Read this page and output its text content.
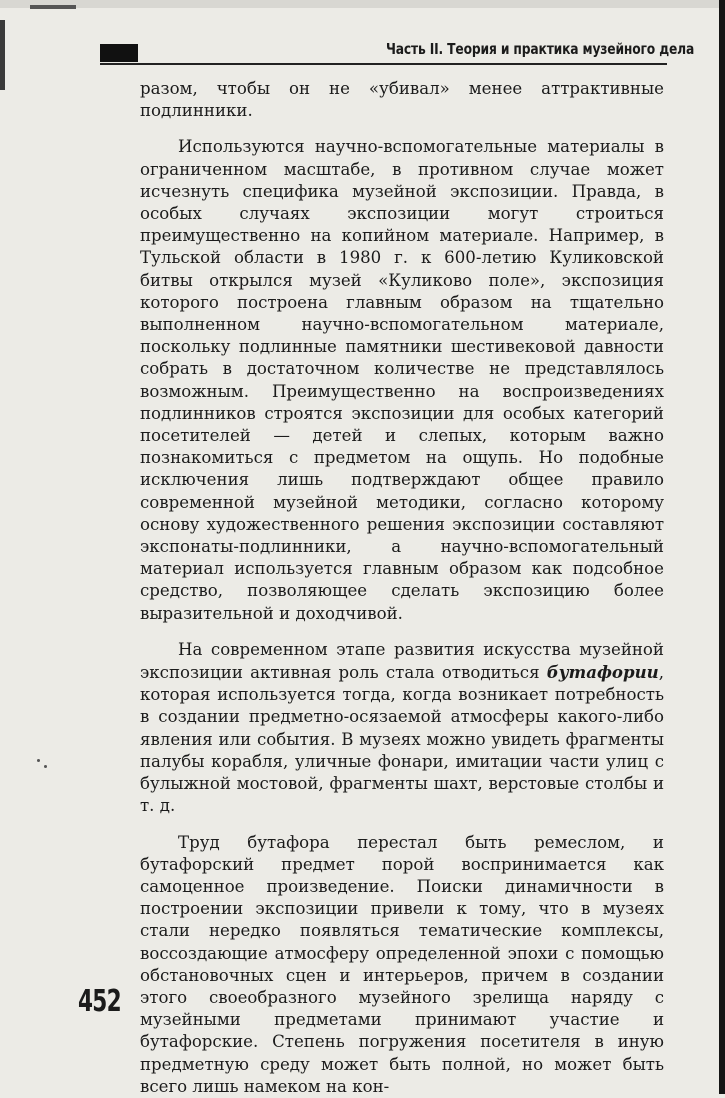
Часть II. Теория и практика музейного дела

разом, чтобы он не «убивал» менее аттрактивные подлинники.

Используются научно-вспомогательные материалы в ограниченном масштабе, в противном случае может исчезнуть специфика музейной экспозиции. Правда, в особых случаях экспозиции могут строиться преимущественно на копийном материале. Например, в Тульской области в 1980 г. к 600-летию Куликовской битвы открылся музей «Куликово поле», экспозиция которого построена главным образом на тщательно выполненном научно-вспомогательном материале, поскольку подлинные памятники шестивековой давности собрать в достаточном количестве не представлялось возможным. Преимущественно на воспроизведениях подлинников строятся экспозиции для особых категорий посетителей — детей и слепых, которым важно познакомиться с предметом на ощупь. Но подобные исключения лишь подтверждают общее правило современной музейной методики, согласно которому основу художественного решения экспозиции составляют экспонаты-подлинники, а научно-вспомогательный материал используется главным образом как подсобное средство, позволяющее сделать экспозицию более выразительной и доходчивой.

На современном этапе развития искусства музейной экспозиции активная роль стала отводиться бутафории, которая используется тогда, когда возникает потребность в создании предметно-осязаемой атмосферы какого-либо явления или события. В музеях можно увидеть фрагменты палубы корабля, уличные фонари, имитации части улиц с булыжной мостовой, фрагменты шахт, верстовые столбы и т. д.

Труд бутафора перестал быть ремеслом, и бутафорский предмет порой воспринимается как самоценное произведение. Поиски динамичности в построении экспозиции привели к тому, что в музеях стали нередко появляться тематические комплексы, воссоздающие атмосферу определенной эпохи с помощью обстановочных сцен и интерьеров, причем в создании этого своеобразного музейного зрелища наряду с музейными предметами принимают участие и бутафорские. Степень погружения посетителя в иную предметную среду может быть полной, но может быть всего лишь намеком на кон-

452
